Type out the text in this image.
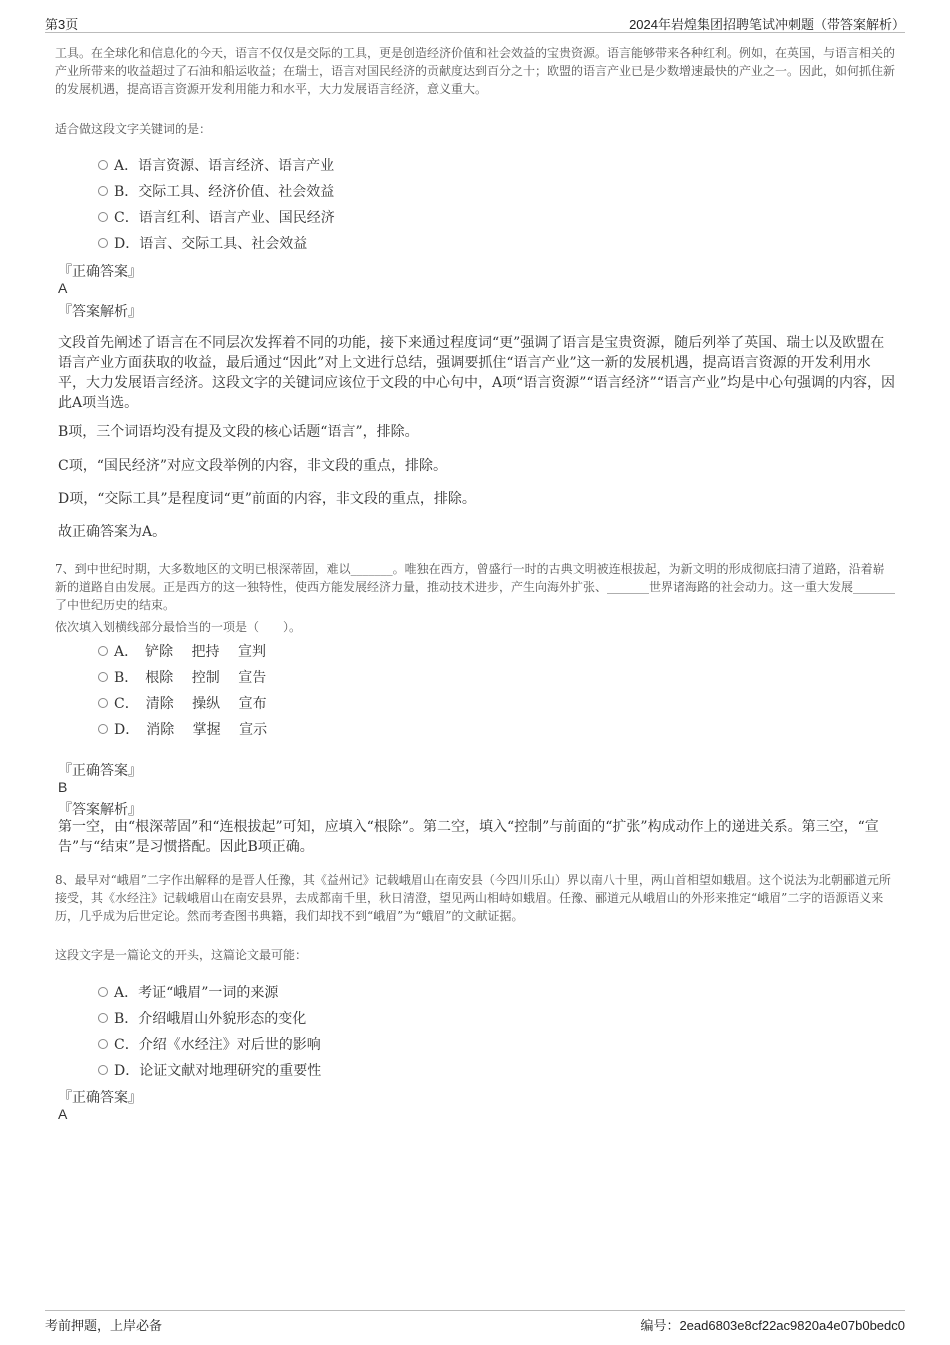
第3页	2024年岩煌集团招聘笔试冲刺题（带答案解析）

工具。在全球化和信息化的今天，语言不仅仅是交际的工具，更是创造经济价值和社会效益的宝贵资源。语言能够带来各种红利。例如，在英国，与语言相关的产业所带来的收益超过了石油和船运收益；在瑞士，语言对国民经济的贡献度达到百分之十；欧盟的语言产业已是少数增速最快的产业之一。因此，如何抓住新的发展机遇，提高语言资源开发利用能力和水平，大力发展语言经济，意义重大。

适合做这段文字关键词的是：

A．语言资源、语言经济、语言产业
B．交际工具、经济价值、社会效益
C．语言红利、语言产业、国民经济
D．语言、交际工具、社会效益
『正确答案』
A
『答案解析』

文段首先阐述了语言在不同层次发挥着不同的功能，接下来通过程度词“更”强调了语言是宝贵资源，随后列举了英国、瑞士以及欧盟在语言产业方面获取的收益，最后通过“因此”对上文进行总结，强调要抓住“语言产业”这一新的发展机遇，提高语言资源的开发利用水平，大力发展语言经济。这段文字的关键词应该位于文段的中心句中，A项“语言资源”“语言经济”“语言产业”均是中心句强调的内容，因此A项当选。

B项，三个词语均没有提及文段的核心话题“语言”，排除。

C项，“国民经济”对应文段举例的内容，非文段的重点，排除。

D项，“交际工具”是程度词“更”前面的内容，非文段的重点，排除。

故正确答案为A。

7、到中世纪时期，大多数地区的文明已根深蒂固，难以_______。唯独在西方，曾盛行一时的古典文明被连根拔起，为新文明的形成彻底扫清了道路，沿着崭新的道路自由发展。正是西方的这一独特性，使西方能发展经济力量，推动技术进步，产生向海外扩张、_______世界诸海路的社会动力。这一重大发展_______了中世纪历史的结束。

依次填入划横线部分最恰当的一项是（　　）。

A．　铲除　 把持　 宣判
B．　根除　 控制　 宣告
C．　清除　 操纵　 宣布
D．　消除　 掌握　 宣示
『正确答案』
B
『答案解析』

第一空，由“根深蒂固”和“连根拔起”可知，应填入“根除”。第二空，填入“控制”与前面的“扩张”构成动作上的递进关系。第三空，“宣告”与“结束”是习惯搭配。因此B项正确。

8、最早对“峨眉”二字作出解释的是晋人任豫，其《益州记》记载峨眉山在南安县（今四川乐山）界以南八十里，两山首相望如蛾眉。这个说法为北朝郦道元所接受，其《水经注》记载峨眉山在南安县界，去成都南千里，秋日清澄，望见两山相峙如蛾眉。任豫、郦道元从峨眉山的外形来推定“峨眉”二字的语源语义来历，几乎成为后世定论。然而考查图书典籍，我们却找不到“峨眉”为“蛾眉”的文献证据。

这段文字是一篇论文的开头，这篇论文最可能：

A．考证“峨眉”一词的来源
B．介绍峨眉山外貌形态的变化
C．介绍《水经注》对后世的影响
D．论证文献对地理研究的重要性
『正确答案』
A
考前押题，上岸必备	编号：2ead6803e8cf22ac9820a4e07b0bedc0
